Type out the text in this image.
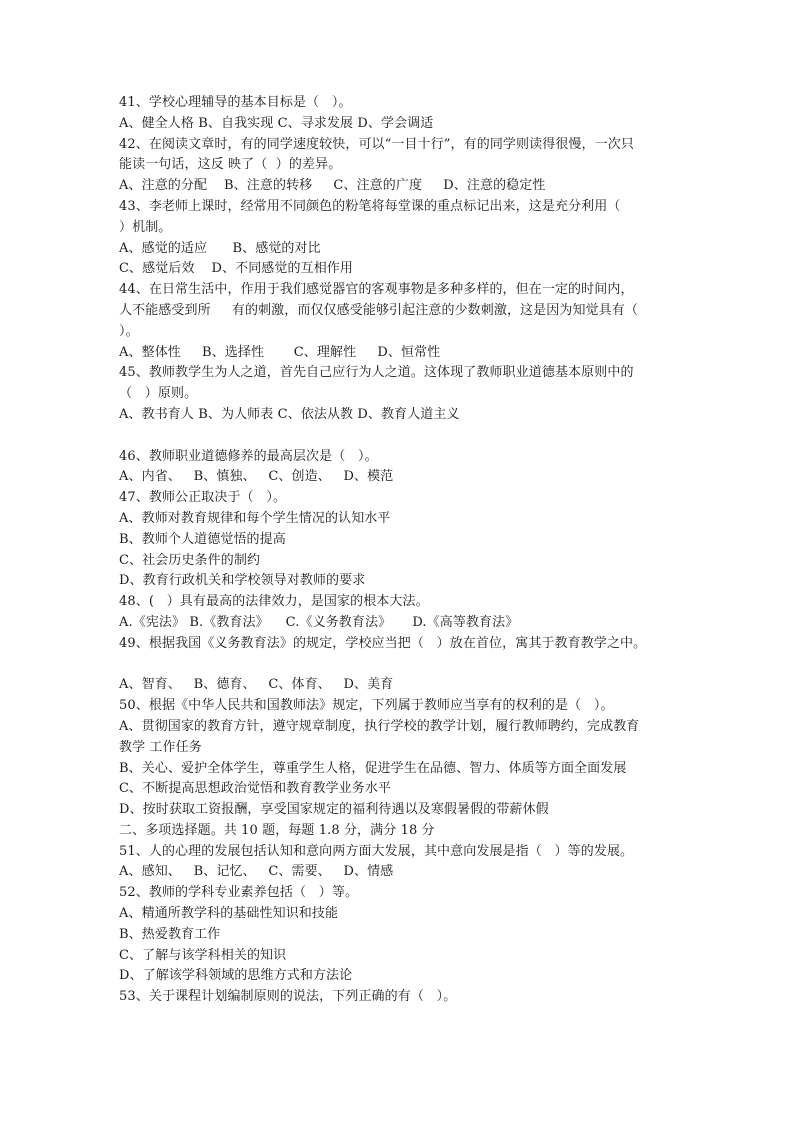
41、学校心理辅导的基本目标是（   ）。
A、健全人格 B、自我实现 C、寻求发展 D、学会调适
42、在阅读文章时，有的同学速度较快，可以“一目十行”，有的同学则读得很慢，一次只
能读一句话，这反 映了（  ）的差异。
A、注意的分配    B、注意的转移     C、注意的广度     D、注意的稳定性
43、李老师上课时，经常用不同颜色的粉笔将每堂课的重点标记出来，这是充分利用（
）机制。
A、感觉的适应      B、感觉的对比
C、感觉后效    D、不同感觉的互相作用
44、在日常生活中，作用于我们感觉器官的客观事物是多种多样的，但在一定的时间内，
人不能感受到所     有的刺激，而仅仅感受能够引起注意的少数刺激，这是因为知觉具有（
）。
A、整体性     B、选择性       C、理解性     D、恒常性
45、教师教学生为人之道，首先自己应行为人之道。这体现了教师职业道德基本原则中的
（   ）原则。
A、教书育人 B、为人师表 C、依法从教 D、教育人道主义
46、教师职业道德修养的最高层次是（   ）。
A、内省、   B、慎独、   C、创造、   D、模范
47、教师公正取决于（   ）。
A、教师对教育规律和每个学生情况的认知水平
B、教师个人道德觉悟的提高
C、社会历史条件的制约
D、教育行政机关和学校领导对教师的要求
48、(   ）具有最高的法律效力，是国家的根本大法。
A.《宪法》 B.《教育法》    C.《义务教育法》     D.《高等教育法》
49、根据我国《义务教育法》的规定，学校应当把（   ）放在首位，寓其于教育教学之中。
A、智育、   B、德育、   C、体育、   D、美育
50、根据《中华人民共和国教师法》规定，下列属于教师应当享有的权利的是（   ）。
A、贯彻国家的教育方针，遵守规章制度，执行学校的教学计划，履行教师聘约，完成教育
教学 工作任务
B、关心、爱护全体学生，尊重学生人格，促进学生在品德、智力、体质等方面全面发展
C、不断提高思想政治觉悟和教育教学业务水平
D、按时获取工资报酬，享受国家规定的福利待遇以及寒假暑假的带薪休假
二、多项选择题。共 10 题，每题 1.8 分，满分 18 分
51、人的心理的发展包括认知和意向两方面大发展，其中意向发展是指（   ）等的发展。
A、感知、   B、记忆、   C、需要、   D、情感
52、教师的学科专业素养包括（   ）等。
A、精通所教学科的基础性知识和技能
B、热爱教育工作
C、了解与该学科相关的知识
D、了解该学科领域的思维方式和方法论
53、关于课程计划编制原则的说法，下列正确的有（   ）。
